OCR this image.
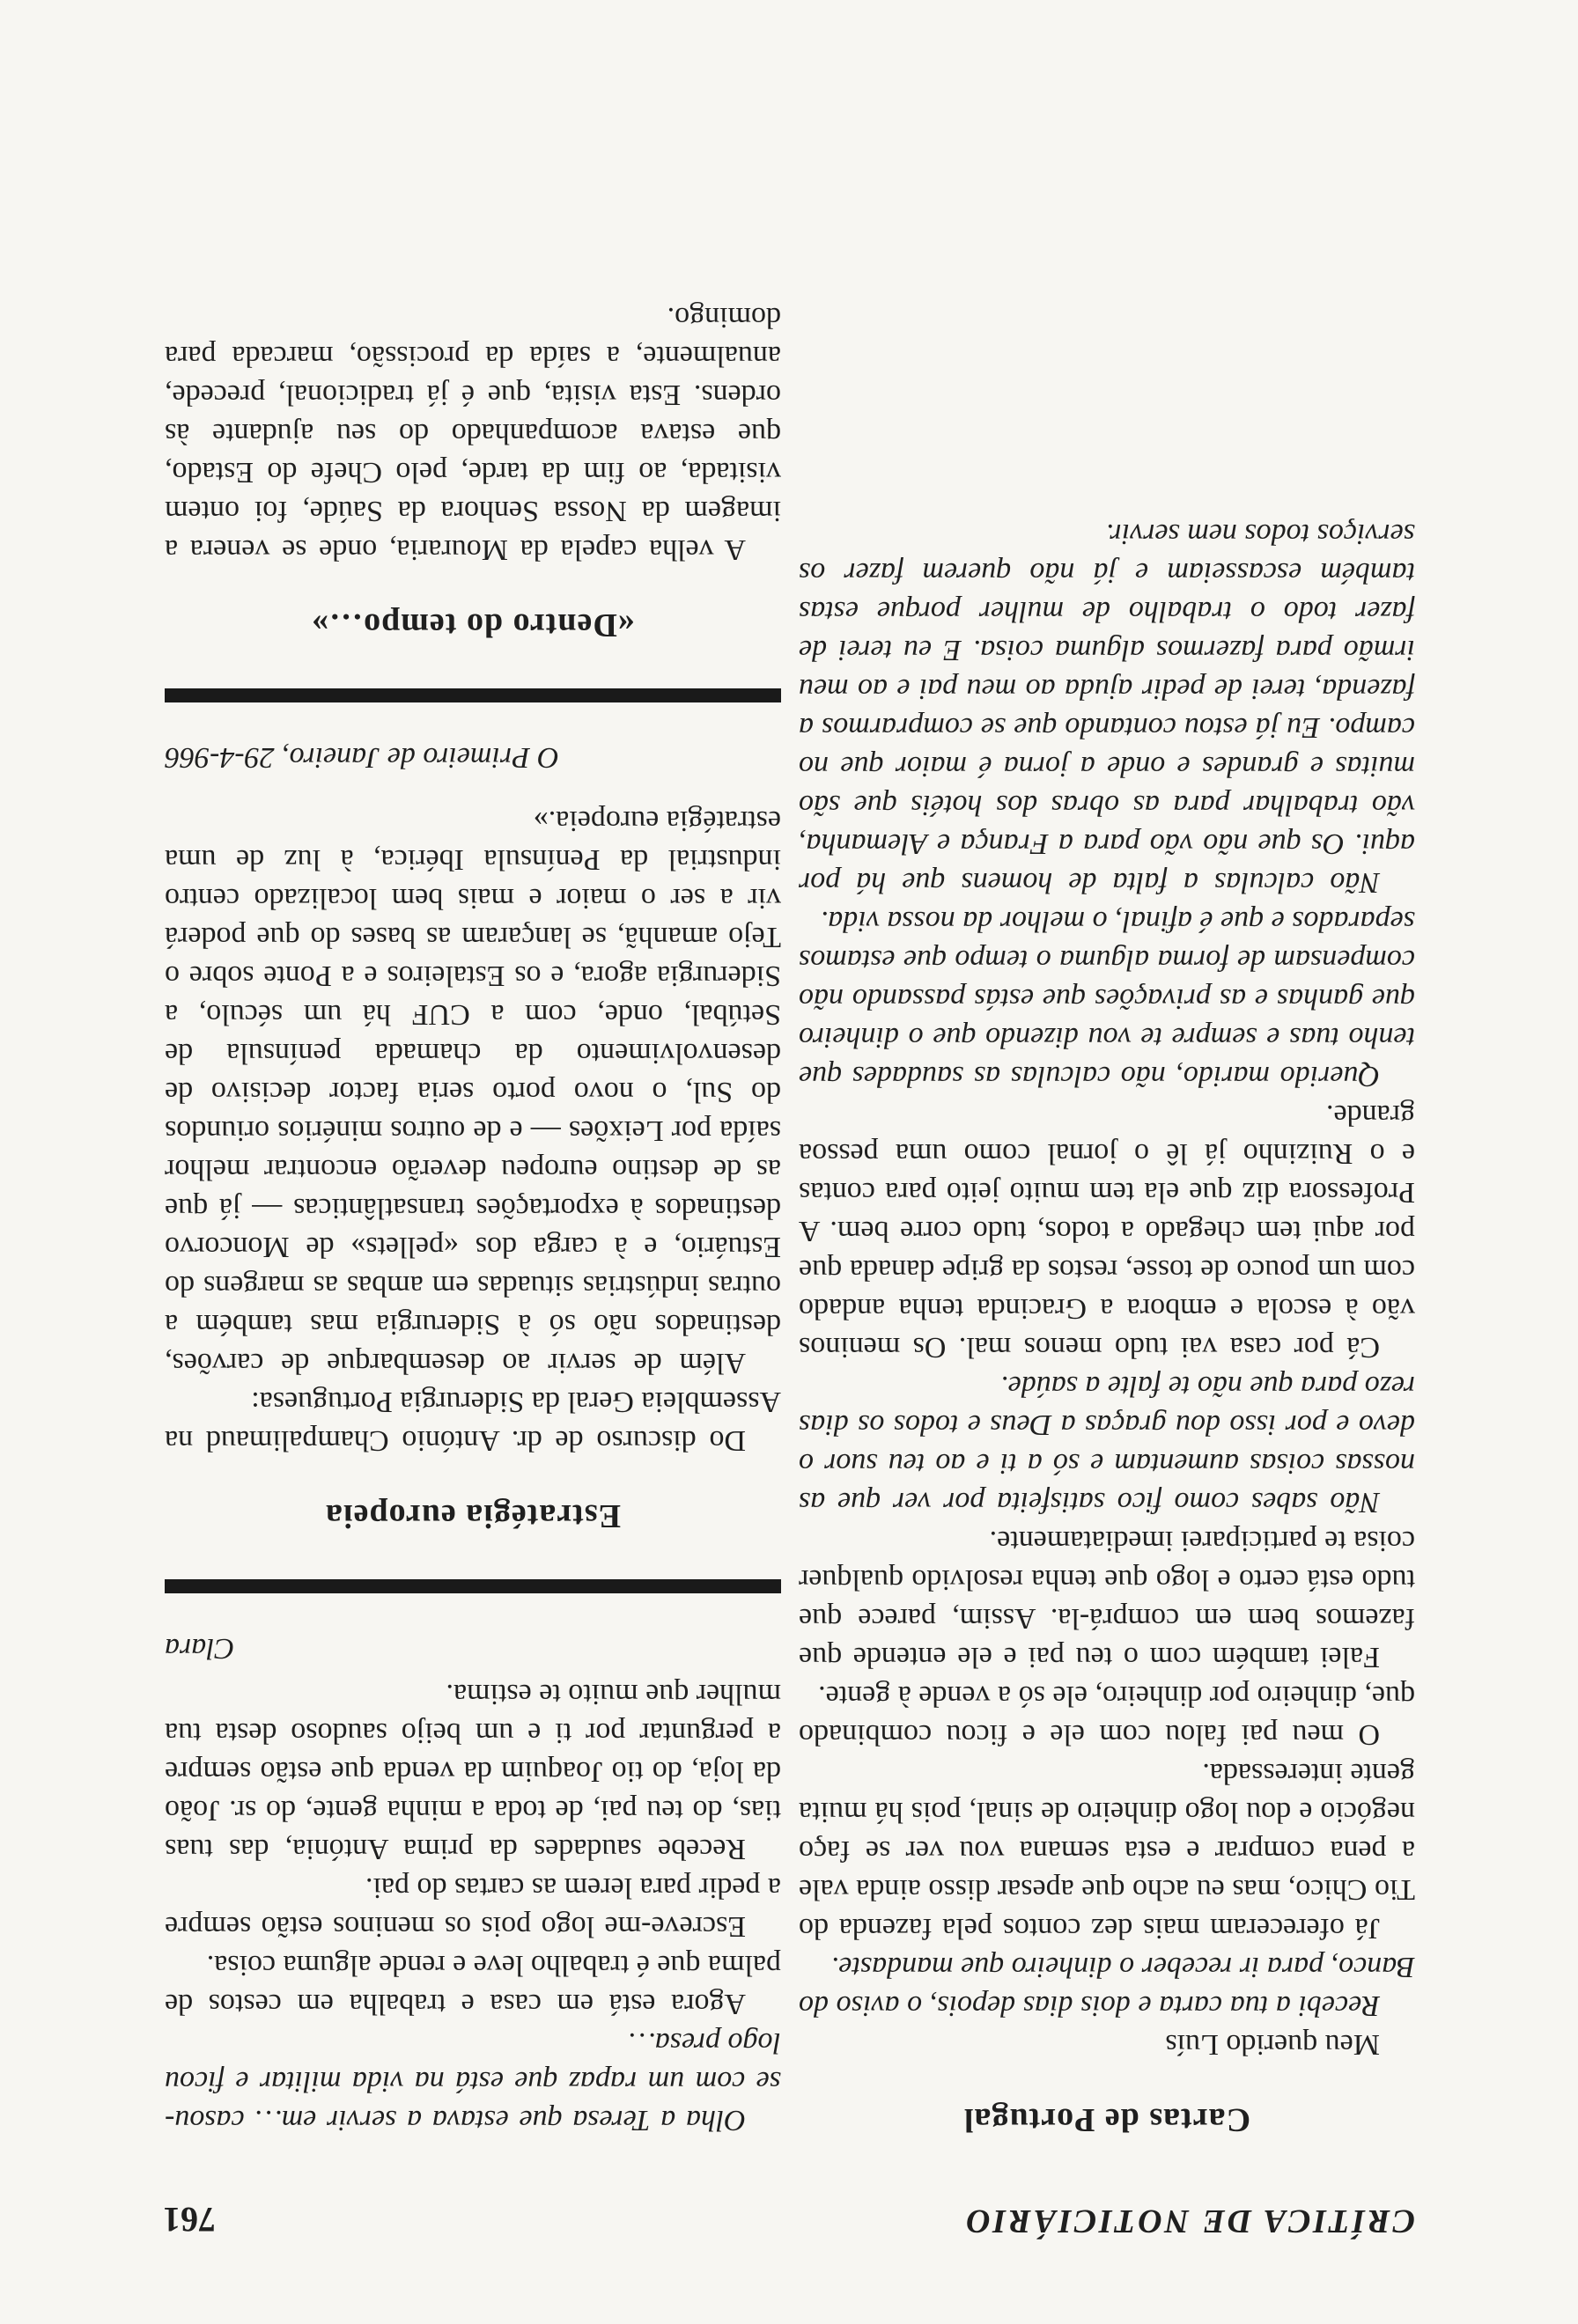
CRÍTICA DE NOTICIÁRIO
761
Cartas de Portugal

Meu querido Luís

Recebi a tua carta e dois dias depois, o aviso do Banco, para ir receber o dinheiro que mandaste.

Já ofereceram mais dez contos pela fazenda do Tio Chico, mas eu acho que apesar disso ainda vale a pena comprar e esta semana vou ver se faço negócio e dou logo dinheiro de sinal, pois há muita gente interessada.

O meu pai falou com ele e ficou combinado que, dinheiro por dinheiro, ele só a vende à gente.

Falei também com o teu pai e ele entende que fazemos bem em comprá-la. Assim, parece que tudo está certo e logo que tenha resolvido qualquer coisa te participarei imediatamente.

Não sabes como fico satisfeita por ver que as nossas coisas aumentam e só a ti e ao teu suor o devo e por isso dou graças a Deus e todos os dias rezo para que não te falte a saúde.

Cá por casa vai tudo menos mal. Os meninos vão à escola e embora a Gracinda tenha andado com um pouco de tosse, restos da gripe danada que por aqui tem chegado a todos, tudo corre bem. A Professora diz que ela tem muito jeito para contas e o Ruizinho já lê o jornal como uma pessoa grande.

Querido marido, não calculas as saudades que tenho tuas e sempre te vou dizendo que o dinheiro que ganhas e as privações que estás passando não compensam de forma alguma o tempo que estamos separados e que é afinal, o melhor da nossa vida.

Não calculas a falta de homens que há por aqui. Os que não vão para a França e Alemanha, vão trabalhar para as obras dos hotéis que são muitas e grandes e onde a jorna é maior que no campo. Eu já estou contando que se comprarmos a fazenda, terei de pedir ajuda ao meu pai e ao meu irmão para fazermos alguma coisa. E eu terei de fazer todo o trabalho de mulher porque estas também escasseiam e já não querem fazer os serviços todos nem servir.

Olha a Teresa que estava a servir em… casou-se com um rapaz que está na vida militar e ficou logo presa…

Agora está em casa e trabalha em cestos de palma que é trabalho leve e rende alguma coisa.

Escreve-me logo pois os meninos estão sempre a pedir para lerem as cartas do pai.

Recebe saudades da prima Antónia, das tuas tias, do teu pai, de toda a minha gente, do sr. João da loja, do tio Joaquim da venda que estão sempre a perguntar por ti e um beijo saudoso desta tua mulher que muito te estima.

Clara
Estratégia europeia

Do discurso de dr. António Champalimaud na Assembleia Geral da Siderurgia Portuguesa:

Além de servir ao desembarque de carvões, destinados não só à Siderurgia mas também a outras indústrias situadas em ambas as margens do Estuário, e à carga dos «pellets» de Moncorvo destinados à exportações transatlânticas — já que as de destino europeu deverão encontrar melhor saída por Leixões — e de outros minérios oriundos do Sul, o novo porto seria factor decisivo de desenvolvimento da chamada península de Setúbal, onde, com a CUF há um século, a Siderurgia agora, e os Estaleiros e a Ponte sobre o Tejo amanhã, se lançaram as bases do que poderá vir a ser o maior e mais bem localizado centro industrial da Península Ibérica, à luz de uma estratégia europeia.»

O Primeiro de Janeiro, 29-4-966
«Dentro do tempo…»

A velha capela da Mouraria, onde se venera a imagem da Nossa Senhora da Saúde, foi ontem visitada, ao fim da tarde, pelo Chefe do Estado, que estava acompanhado do seu ajudante às ordens. Esta visita, que é já tradicional, precede, anualmente, a saída da procissão, marcada para domingo.
